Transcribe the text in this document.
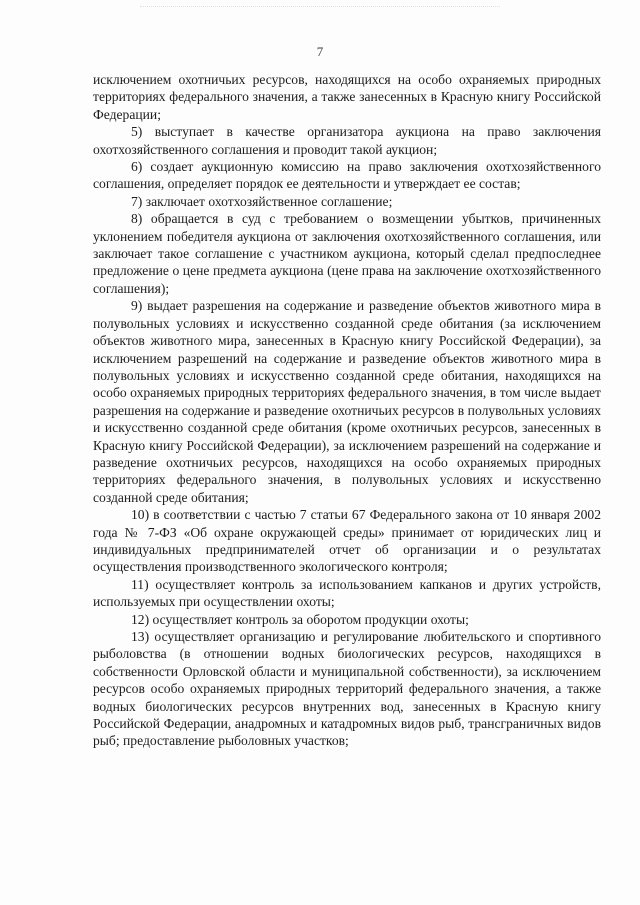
7

исключением охотничьих ресурсов, находящихся на особо охраняемых природных территориях федерального значения, а также занесенных в Красную книгу Российской Федерации;

5) выступает в качестве организатора аукциона на право заключения охотхозяйственного соглашения и проводит такой аукцион;

6) создает аукционную комиссию на право заключения охотхозяйственного соглашения, определяет порядок ее деятельности и утверждает ее состав;

7) заключает охотхозяйственное соглашение;

8) обращается в суд с требованием о возмещении убытков, причиненных уклонением победителя аукциона от заключения охотхозяйственного соглашения, или заключает такое соглашение с участником аукциона, который сделал предпоследнее предложение о цене предмета аукциона (цене права на заключение охотхозяйственного соглашения);

9) выдает разрешения на содержание и разведение объектов животного мира в полувольных условиях и искусственно созданной среде обитания (за исключением объектов животного мира, занесенных в Красную книгу Российской Федерации), за исключением разрешений на содержание и разведение объектов животного мира в полувольных условиях и искусственно созданной среде обитания, находящихся на особо охраняемых природных территориях федерального значения, в том числе выдает разрешения на содержание и разведение охотничьих ресурсов в полувольных условиях и искусственно созданной среде обитания (кроме охотничьих ресурсов, занесенных в Красную книгу Российской Федерации), за исключением разрешений на содержание и разведение охотничьих ресурсов, находящихся на особо охраняемых природных территориях федерального значения, в полувольных условиях и искусственно созданной среде обитания;

10) в соответствии с частью 7 статьи 67 Федерального закона от 10 января 2002 года № 7-ФЗ «Об охране окружающей среды» принимает от юридических лиц и индивидуальных предпринимателей отчет об организации и о результатах осуществления производственного экологического контроля;

11) осуществляет контроль за использованием капканов и других устройств, используемых при осуществлении охоты;

12) осуществляет контроль за оборотом продукции охоты;

13) осуществляет организацию и регулирование любительского и спортивного рыболовства (в отношении водных биологических ресурсов, находящихся в собственности Орловской области и муниципальной собственности), за исключением ресурсов особо охраняемых природных территорий федерального значения, а также водных биологических ресурсов внутренних вод, занесенных в Красную книгу Российской Федерации, анадромных и катадромных видов рыб, трансграничных видов рыб; предоставление рыболовных участков;
